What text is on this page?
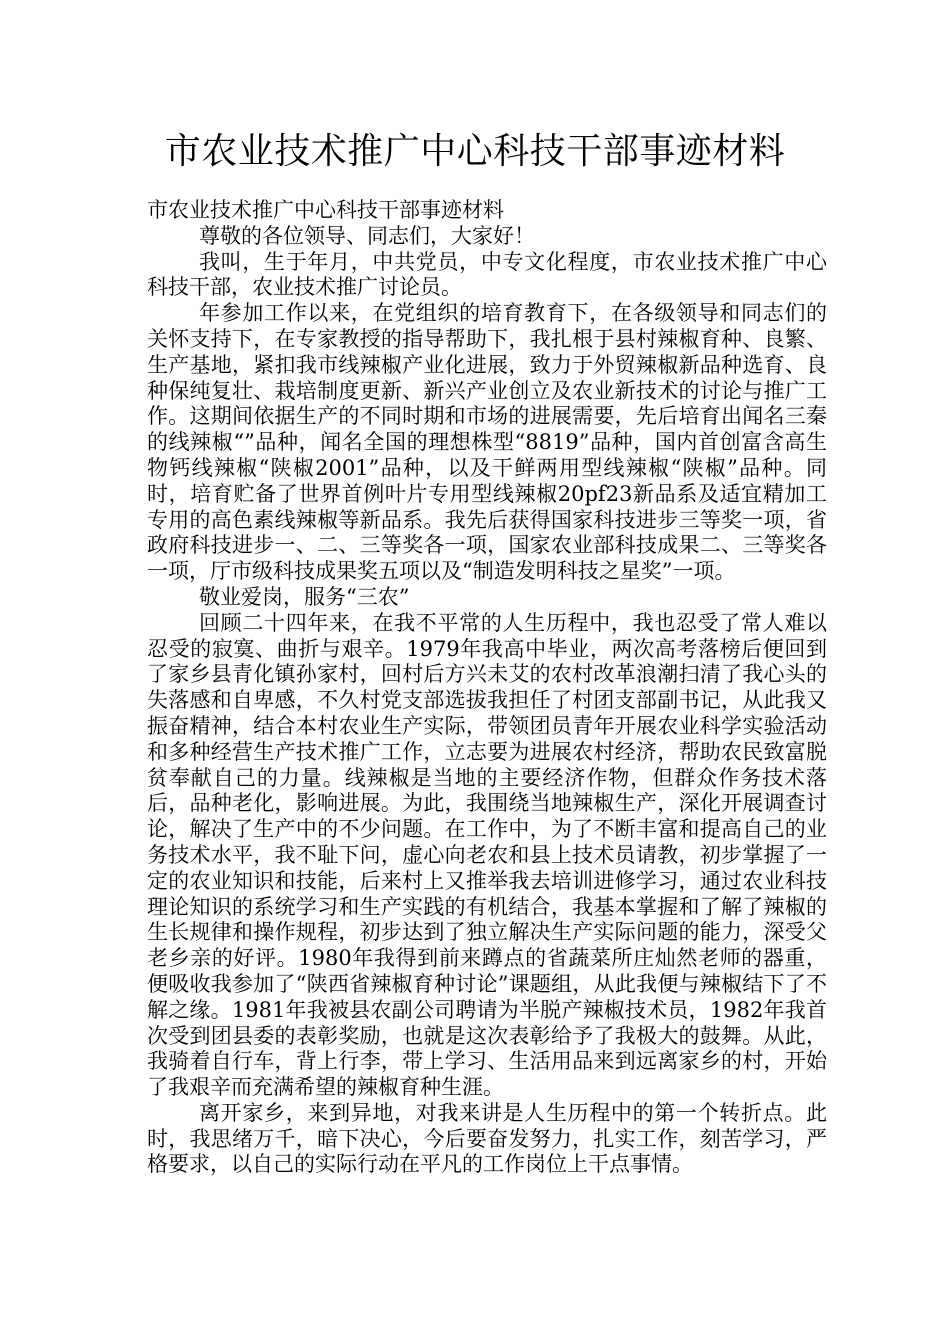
市农业技术推广中心科技干部事迹材料

市农业技术推广中心科技干部事迹材料

尊敬的各位领导、同志们，大家好！

我叫，生于年月，中共党员，中专文化程度，市农业技术推广中心科技干部，农业技术推广讨论员。

年参加工作以来，在党组织的培育教育下，在各级领导和同志们的关怀支持下，在专家教授的指导帮助下，我扎根于县村辣椒育种、良繁、生产基地，紧扣我市线辣椒产业化进展，致力于外贸辣椒新品种选育、良种保纯复壮、栽培制度更新、新兴产业创立及农业新技术的讨论与推广工作。这期间依据生产的不同时期和市场的进展需要，先后培育出闻名三秦的线辣椒“”品种，闻名全国的理想株型“8819”品种，国内首创富含高生物钙线辣椒“陕椒2001”品种，以及干鲜两用型线辣椒“陕椒”品种。同时，培育贮备了世界首例叶片专用型线辣椒20pf23新品系及适宜精加工专用的高色素线辣椒等新品系。我先后获得国家科技进步三等奖一项，省政府科技进步一、二、三等奖各一项，国家农业部科技成果二、三等奖各一项，厅市级科技成果奖五项以及“制造发明科技之星奖”一项。

敬业爱岗，服务“三农”

回顾二十四年来，在我不平常的人生历程中，我也忍受了常人难以忍受的寂寞、曲折与艰辛。1979年我高中毕业，两次高考落榜后便回到了家乡县青化镇孙家村，回村后方兴未艾的农村改革浪潮扫清了我心头的失落感和自卑感，不久村党支部选拔我担任了村团支部副书记，从此我又振奋精神，结合本村农业生产实际，带领团员青年开展农业科学实验活动和多种经营生产技术推广工作，立志要为进展农村经济，帮助农民致富脱贫奉献自己的力量。线辣椒是当地的主要经济作物，但群众作务技术落后，品种老化，影响进展。为此，我围绕当地辣椒生产，深化开展调查讨论，解决了生产中的不少问题。在工作中，为了不断丰富和提高自己的业务技术水平，我不耻下问，虚心向老农和县上技术员请教，初步掌握了一定的农业知识和技能，后来村上又推举我去培训进修学习，通过农业科技理论知识的系统学习和生产实践的有机结合，我基本掌握和了解了辣椒的生长规律和操作规程，初步达到了独立解决生产实际问题的能力，深受父老乡亲的好评。1980年我得到前来蹲点的省蔬菜所庄灿然老师的器重，便吸收我参加了“陕西省辣椒育种讨论”课题组，从此我便与辣椒结下了不解之缘。1981年我被县农副公司聘请为半脱产辣椒技术员，1982年我首次受到团县委的表彰奖励，也就是这次表彰给予了我极大的鼓舞。从此，我骑着自行车，背上行李，带上学习、生活用品来到远离家乡的村，开始了我艰辛而充满希望的辣椒育种生涯。

离开家乡，来到异地，对我来讲是人生历程中的第一个转折点。此时，我思绪万千，暗下决心，今后要奋发努力，扎实工作，刻苦学习，严格要求，以自己的实际行动在平凡的工作岗位上干点事情。
